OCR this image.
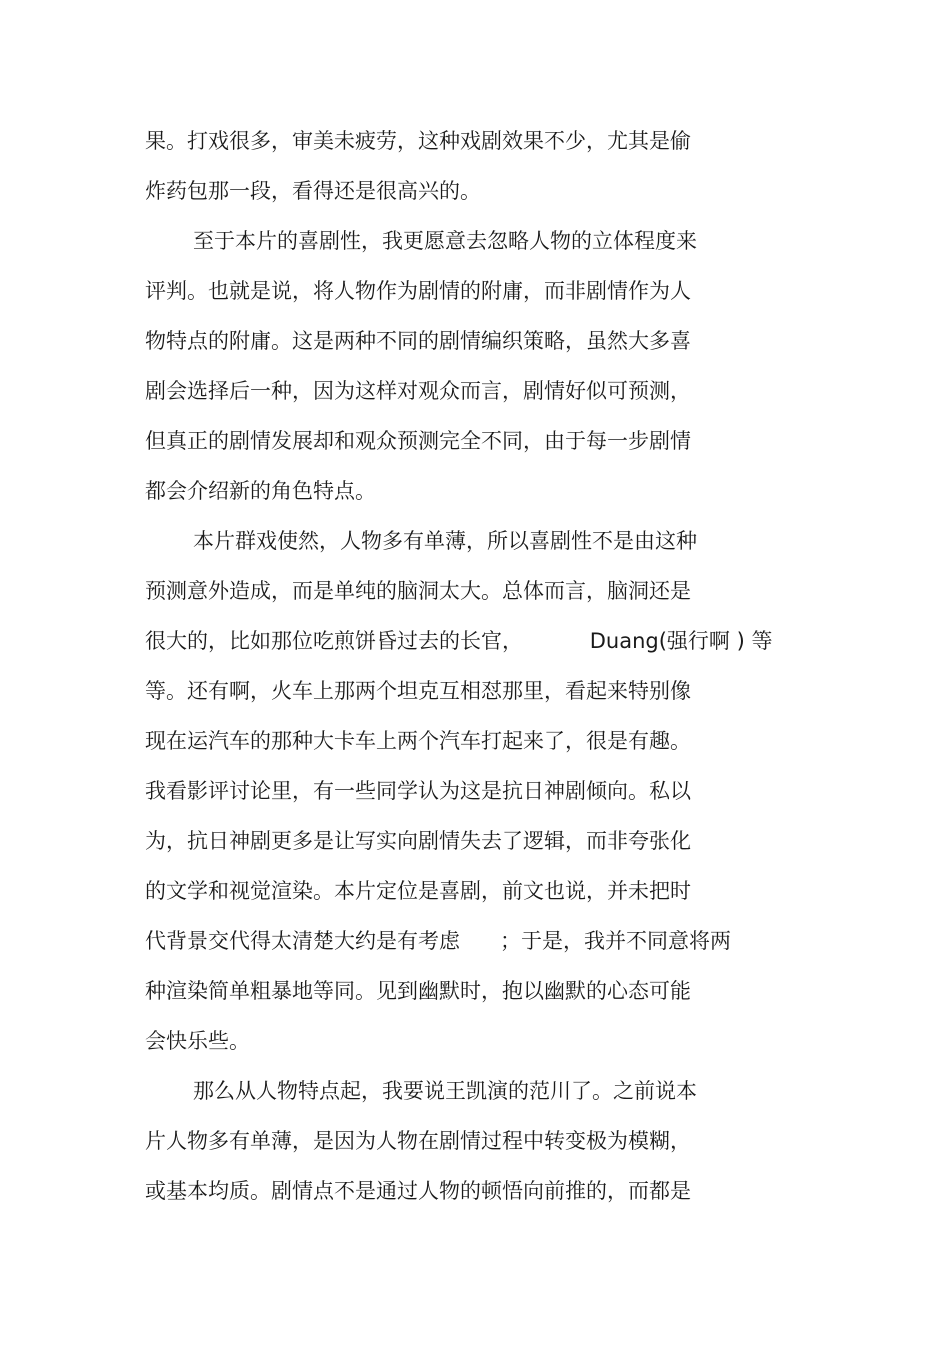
果。打戏很多，审美未疲劳，这种戏剧效果不少，尤其是偷
炸药包那一段，看得还是很高兴的。
至于本片的喜剧性，我更愿意去忽略人物的立体程度来
评判。也就是说，将人物作为剧情的附庸，而非剧情作为人
物特点的附庸。这是两种不同的剧情编织策略，虽然大多喜
剧会选择后一种，因为这样对观众而言，剧情好似可预测，
但真正的剧情发展却和观众预测完全不同，由于每一步剧情
都会介绍新的角色特点。
本片群戏使然，人物多有单薄，所以喜剧性不是由这种
预测意外造成，而是单纯的脑洞太大。总体而言，脑洞还是
很大的，比如那位吃煎饼昏过去的长官，          Duang(强行啊 ) 等
等。还有啊，火车上那两个坦克互相怼那里，看起来特别像
现在运汽车的那种大卡车上两个汽车打起来了，很是有趣。
我看影评讨论里，有一些同学认为这是抗日神剧倾向。私以
为，抗日神剧更多是让写实向剧情失去了逻辑，而非夸张化
的文学和视觉渲染。本片定位是喜剧，前文也说，并未把时
代背景交代得太清楚大约是有考虑      ；于是，我并不同意将两
种渲染简单粗暴地等同。见到幽默时，抱以幽默的心态可能
会快乐些。
那么从人物特点起，我要说王凯演的范川了。之前说本
片人物多有单薄，是因为人物在剧情过程中转变极为模糊，
或基本均质。剧情点不是通过人物的顿悟向前推的，而都是
